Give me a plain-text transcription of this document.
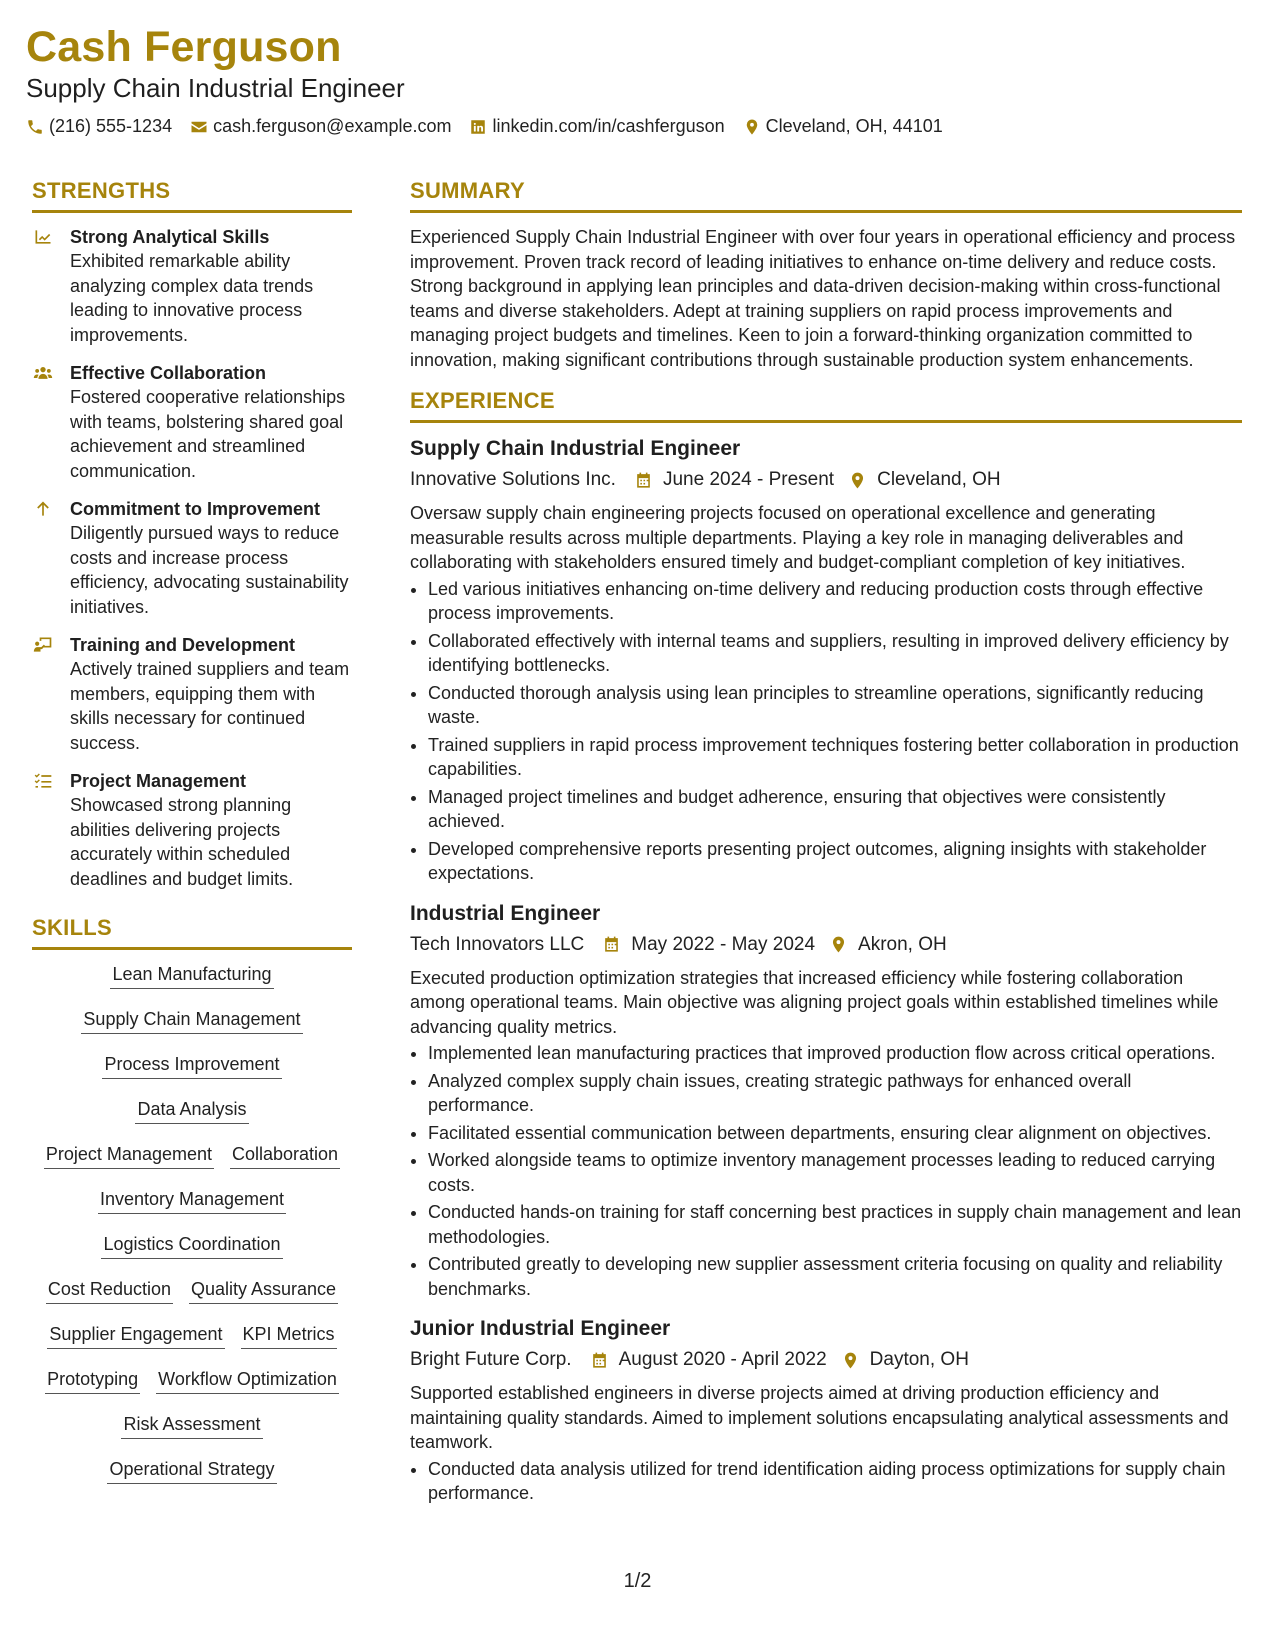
Cash Ferguson
Supply Chain Industrial Engineer
(216) 555-1234 cash.ferguson@example.com linkedin.com/in/cashferguson Cleveland, OH, 44101
STRENGTHS
Strong Analytical Skills
Exhibited remarkable ability analyzing complex data trends leading to innovative process improvements.
Effective Collaboration
Fostered cooperative relationships with teams, bolstering shared goal achievement and streamlined communication.
Commitment to Improvement
Diligently pursued ways to reduce costs and increase process efficiency, advocating sustainability initiatives.
Training and Development
Actively trained suppliers and team members, equipping them with skills necessary for continued success.
Project Management
Showcased strong planning abilities delivering projects accurately within scheduled deadlines and budget limits.
SKILLS
Lean Manufacturing
Supply Chain Management
Process Improvement
Data Analysis
Project Management Collaboration
Inventory Management
Logistics Coordination
Cost Reduction Quality Assurance
Supplier Engagement KPI Metrics
Prototyping Workflow Optimization
Risk Assessment
Operational Strategy
SUMMARY

Experienced Supply Chain Industrial Engineer with over four years in operational efficiency and process improvement. Proven track record of leading initiatives to enhance on-time delivery and reduce costs. Strong background in applying lean principles and data-driven decision-making within cross-functional teams and diverse stakeholders. Adept at training suppliers on rapid process improvements and managing project budgets and timelines. Keen to join a forward-thinking organization committed to innovation, making significant contributions through sustainable production system enhancements.

EXPERIENCE
Supply Chain Industrial Engineer
Innovative Solutions Inc. June 2024 - Present Cleveland, OH

Oversaw supply chain engineering projects focused on operational excellence and generating measurable results across multiple departments. Playing a key role in managing deliverables and collaborating with stakeholders ensured timely and budget-compliant completion of key initiatives.

• Led various initiatives enhancing on-time delivery and reducing production costs through effective process improvements.
• Collaborated effectively with internal teams and suppliers, resulting in improved delivery efficiency by identifying bottlenecks.
• Conducted thorough analysis using lean principles to streamline operations, significantly reducing waste.
• Trained suppliers in rapid process improvement techniques fostering better collaboration in production capabilities.
• Managed project timelines and budget adherence, ensuring that objectives were consistently achieved.
• Developed comprehensive reports presenting project outcomes, aligning insights with stakeholder expectations.
Industrial Engineer
Tech Innovators LLC May 2022 - May 2024 Akron, OH

Executed production optimization strategies that increased efficiency while fostering collaboration among operational teams. Main objective was aligning project goals within established timelines while advancing quality metrics.

• Implemented lean manufacturing practices that improved production flow across critical operations.
• Analyzed complex supply chain issues, creating strategic pathways for enhanced overall performance.
• Facilitated essential communication between departments, ensuring clear alignment on objectives.
• Worked alongside teams to optimize inventory management processes leading to reduced carrying costs.
• Conducted hands-on training for staff concerning best practices in supply chain management and lean methodologies.
• Contributed greatly to developing new supplier assessment criteria focusing on quality and reliability benchmarks.
Junior Industrial Engineer
Bright Future Corp. August 2020 - April 2022 Dayton, OH

Supported established engineers in diverse projects aimed at driving production efficiency and maintaining quality standards. Aimed to implement solutions encapsulating analytical assessments and teamwork.

• Conducted data analysis utilized for trend identification aiding process optimizations for supply chain performance.
1/2
